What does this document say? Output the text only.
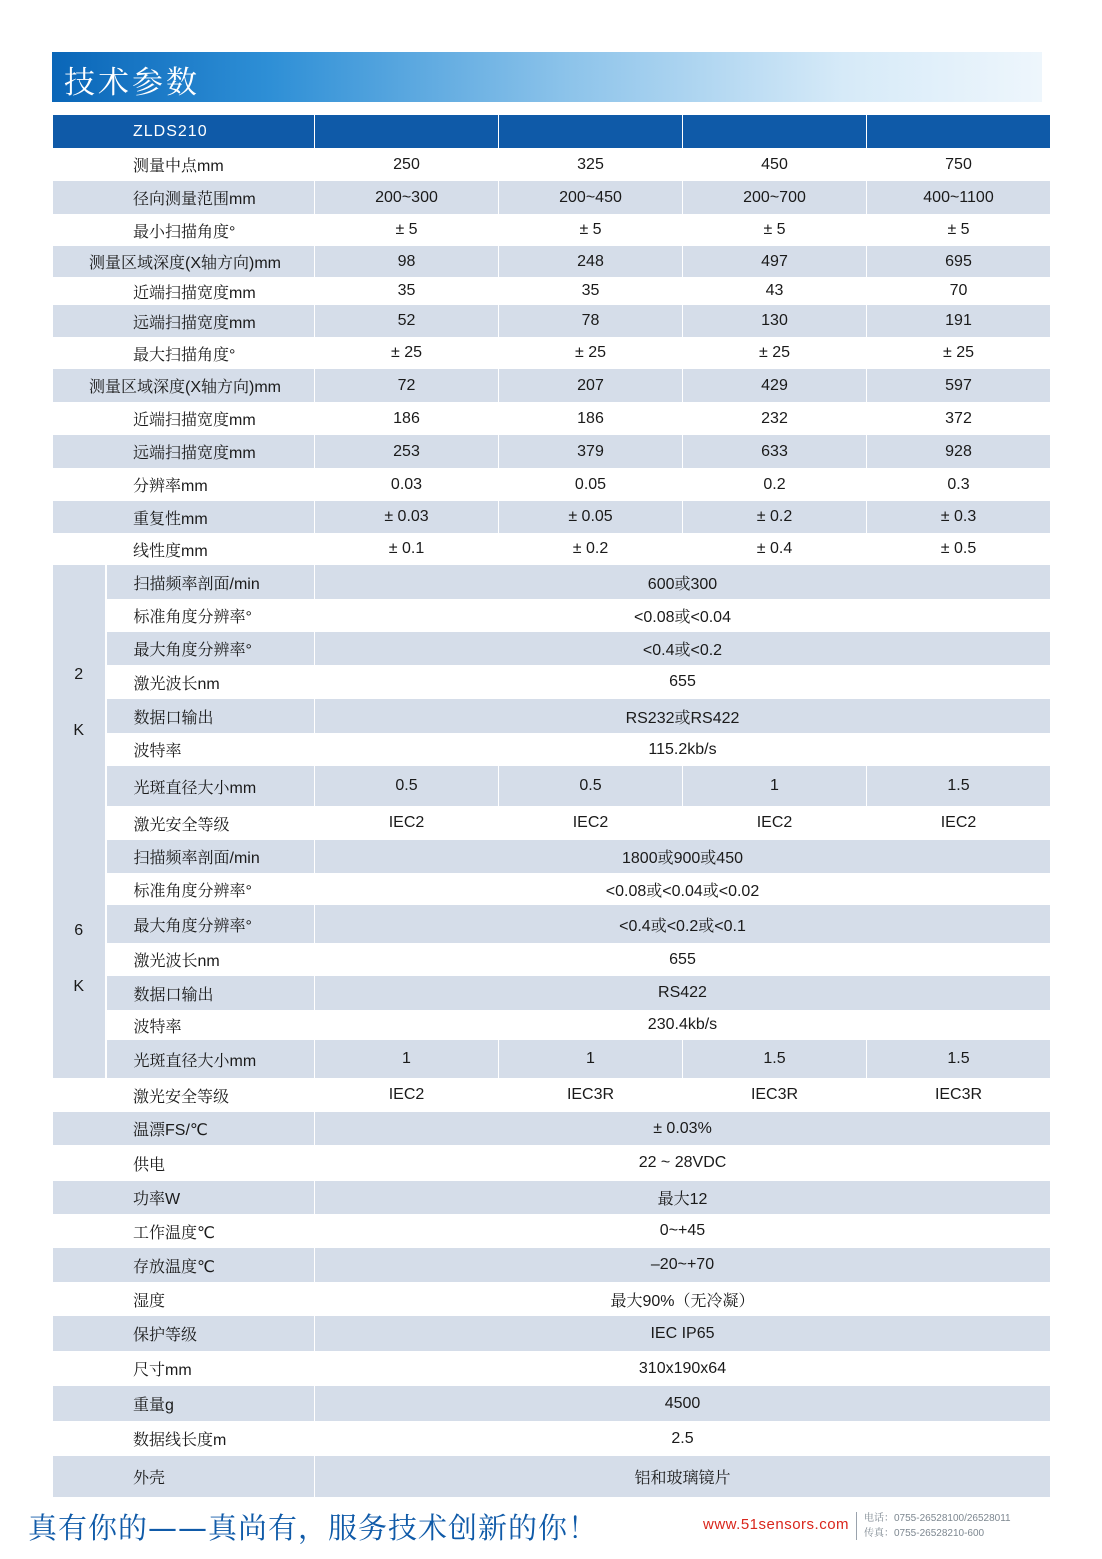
技术参数
ZLDS210					
测量中点mm		250	325	450	750
径向测量范围mm		200~300	200~450	200~700	400~1100
最小扫描角度°		± 5	± 5	± 5	± 5
测量区域深度(X轴方向)mm		98	248	497	695
近端扫描宽度mm		35	35	43	70
远端扫描宽度mm		52	78	130	191
最大扫描角度°		± 25	± 25	± 25	± 25
测量区域深度(X轴方向)mm		72	207	429	597
近端扫描宽度mm		186	186	232	372
远端扫描宽度mm		253	379	633	928
分辨率mm		0.03	0.05	0.2	0.3
重复性mm		± 0.03	± 0.05	± 0.2	± 0.3
线性度mm		± 0.1	± 0.2	± 0.4	± 0.5

2
K	扫描频率剖面/min	600或300			
	标准角度分辨率°	<0.08或<0.04			
	最大角度分辨率°	<0.4或<0.2			
	激光波长nm	655			
	数据口输出	RS232或RS422			
	波特率	115.2kb/s			
	光斑直径大小mm	0.5	0.5	1	1.5
	激光安全等级	IEC2	IEC2	IEC2	IEC2

6
K	扫描频率剖面/min	1800或900或450			
	标准角度分辨率°	<0.08或<0.04或<0.02			
	最大角度分辨率°	<0.4或<0.2或<0.1			
	激光波长nm	655			
	数据口输出	RS422			
	波特率	230.4kb/s			
	光斑直径大小mm	1	1	1.5	1.5
激光安全等级		IEC2	IEC3R	IEC3R	IEC3R
温漂FS/℃		± 0.03%			
供电		22 ~ 28VDC			
功率W		最大12			
工作温度℃		0~+45			
存放温度℃		–20~+70			
湿度		最大90%（无冷凝）			
保护等级		IEC IP65			
尺寸mm		310x190x64			
重量g		4500			
数据线长度m		2.5			
外壳		铝和玻璃镜片			
真有你的——真尚有，服务技术创新的你！	www.51sensors.com 电话：0755-26528100/26528011
传真：0755-26528210-600
